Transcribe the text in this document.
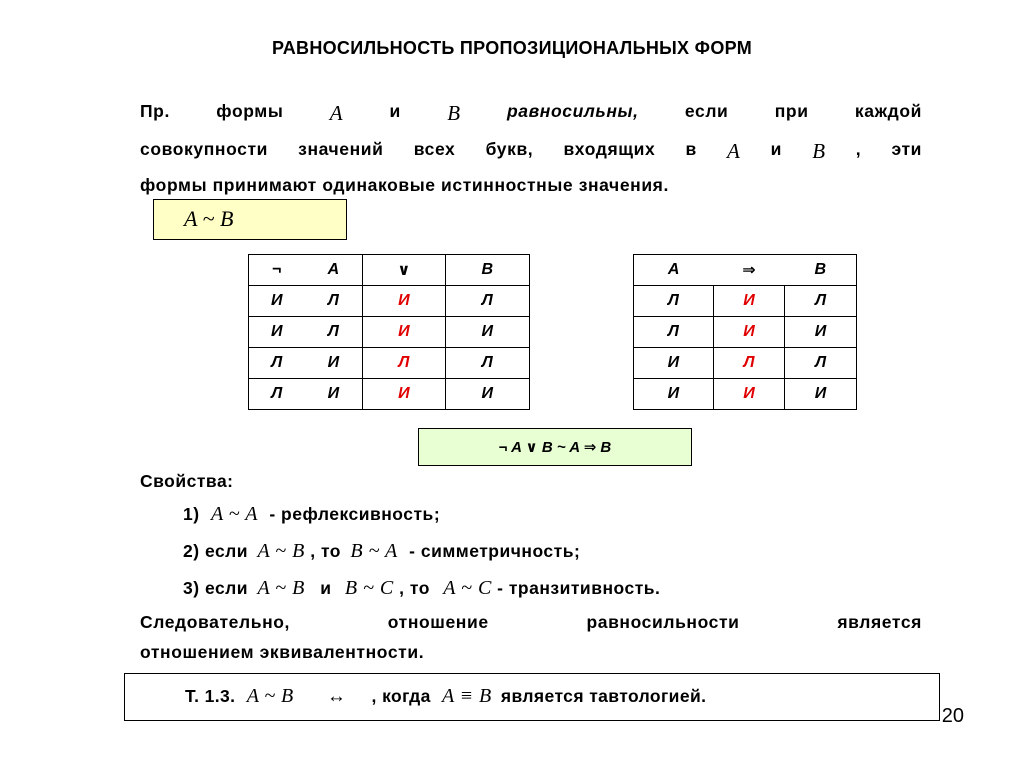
РАВНОСИЛЬНОСТЬ ПРОПОЗИЦИОНАЛЬНЫХ ФОРМ
Пр.	формы A	и B	равносильны,	если	при	каждой
совокупности значений всех букв, входящих в A и B , эти
формы принимают одинаковые истинностные значения.
A ~ B
¬	A	∨	B
И	Л	И	Л
И	Л	И	И
Л	И	Л	Л
Л	И	И	И
A	⇒	B
Л	И	Л
Л	И	И
И	Л	Л
И	И	И
¬ A ∨ B ~ A ⇒ B
Свойства:
1) A ~ A - рефлексивность;
2) если A ~ B , то B ~ A - симметричность;
3) если A ~ B и B ~ C , то A ~ C - транзитивность.
Следовательно,	отношение	равносильности	является
отношением эквивалентности.
Т. 1.3. A ~ B ↔ , когда A ≡ B является тавтологией.
20
